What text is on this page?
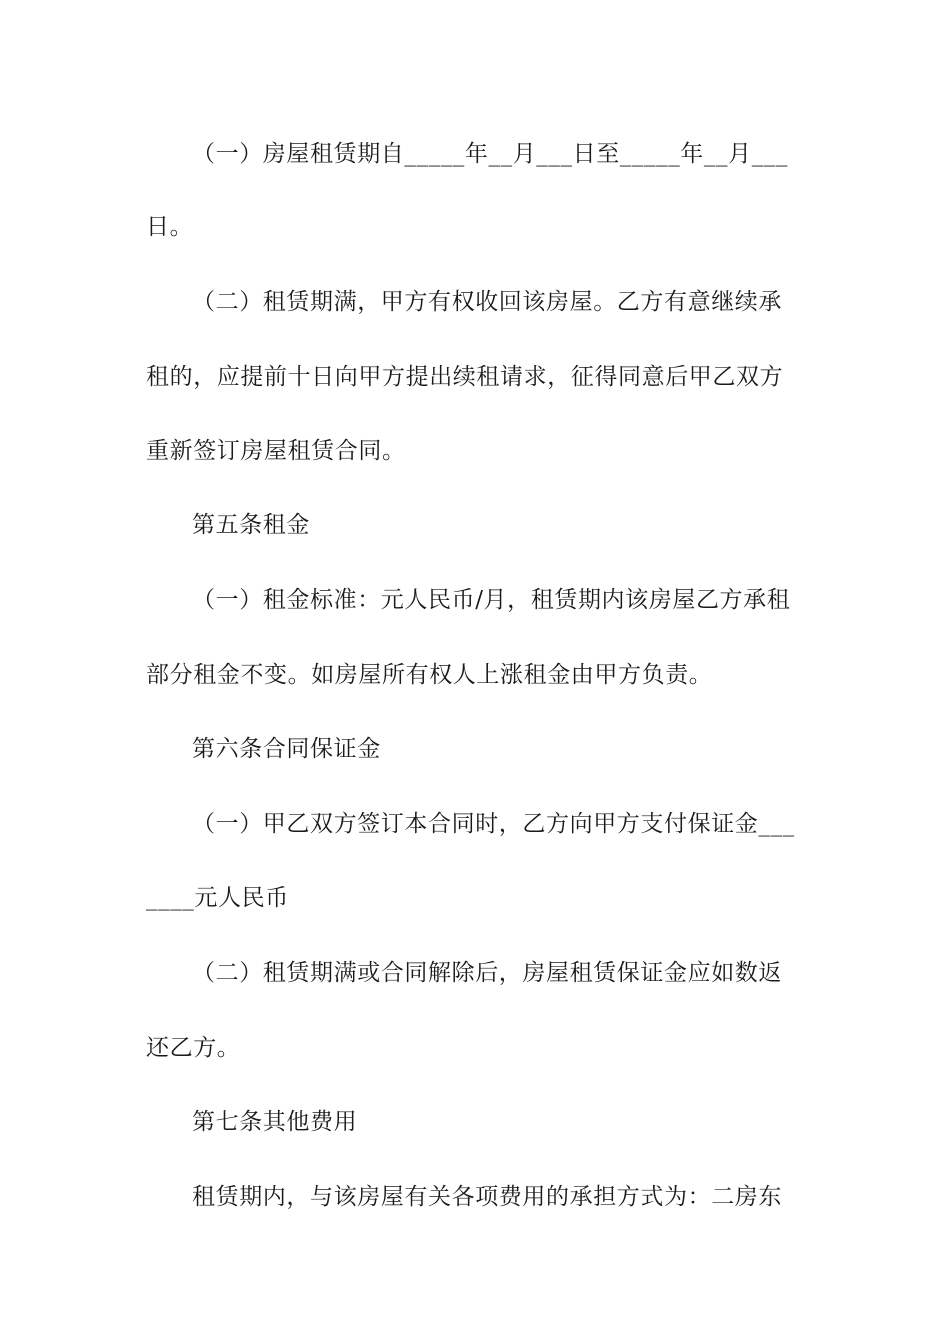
（一）房屋租赁期自_____年__月___日至_____年__月___
日。
（二）租赁期满，甲方有权收回该房屋。乙方有意继续承
租的，应提前十日向甲方提出续租请求，征得同意后甲乙双方
重新签订房屋租赁合同。
第五条租金
（一）租金标准：元人民币/月，租赁期内该房屋乙方承租
部分租金不变。如房屋所有权人上涨租金由甲方负责。
第六条合同保证金
（一）甲乙双方签订本合同时，乙方向甲方支付保证金___
____元人民币
（二）租赁期满或合同解除后，房屋租赁保证金应如数返
还乙方。
第七条其他费用
租赁期内，与该房屋有关各项费用的承担方式为：二房东
